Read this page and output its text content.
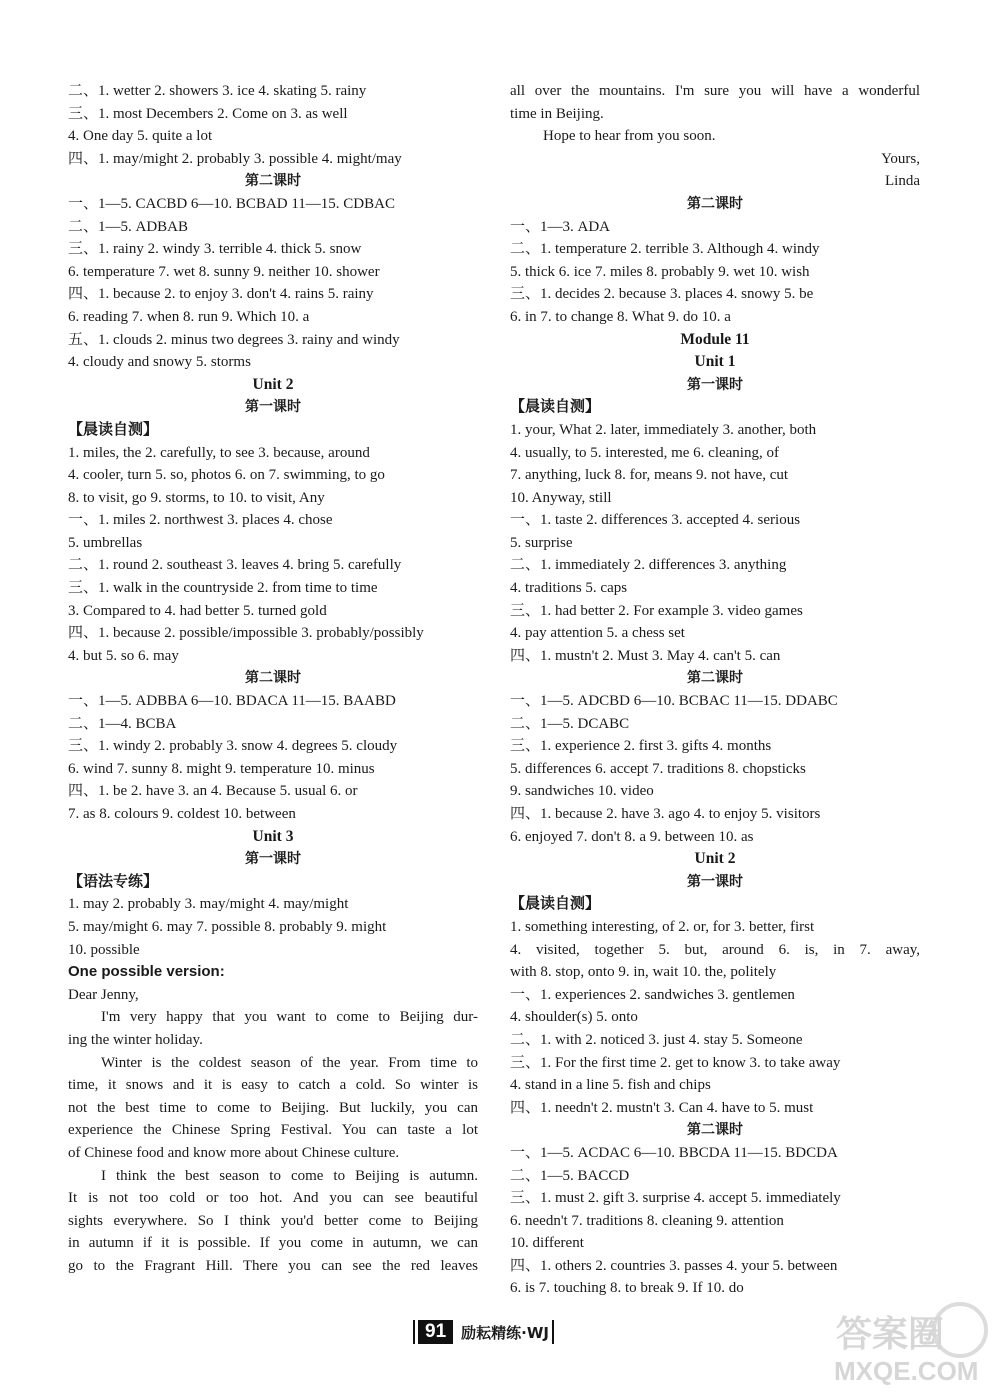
二、1. wetter 2. showers 3. ice 4. skating 5. rainy
三、1. most Decembers 2. Come on 3. as well
4. One day 5. quite a lot
四、1. may/might 2. probably 3. possible 4. might/may
第二课时
一、1—5. CACBD 6—10. BCBAD 11—15. CDBAC
二、1—5. ADBAB
三、1. rainy 2. windy 3. terrible 4. thick 5. snow
6. temperature 7. wet 8. sunny 9. neither 10. shower
四、1. because 2. to enjoy 3. don't 4. rains 5. rainy
6. reading 7. when 8. run 9. Which 10. a
五、1. clouds 2. minus two degrees 3. rainy and windy
4. cloudy and snowy 5. storms
Unit 2
第一课时
【晨读自测】
1. miles, the 2. carefully, to see 3. because, around
4. cooler, turn 5. so, photos 6. on 7. swimming, to go
8. to visit, go 9. storms, to 10. to visit, Any
一、1. miles 2. northwest 3. places 4. chose
5. umbrellas
二、1. round 2. southeast 3. leaves 4. bring 5. carefully
三、1. walk in the countryside 2. from time to time
3. Compared to 4. had better 5. turned gold
四、1. because 2. possible/impossible 3. probably/possibly
4. but 5. so 6. may
第二课时
一、1—5. ADBBA 6—10. BDACA 11—15. BAABD
二、1—4. BCBA
三、1. windy 2. probably 3. snow 4. degrees 5. cloudy
6. wind 7. sunny 8. might 9. temperature 10. minus
四、1. be 2. have 3. an 4. Because 5. usual 6. or
7. as 8. colours 9. coldest 10. between
Unit 3
第一课时
【语法专练】
1. may 2. probably 3. may/might 4. may/might
5. may/might 6. may 7. possible 8. probably 9. might
10. possible
One possible version:
Dear Jenny,
I'm very happy that you want to come to Beijing dur-
ing the winter holiday.
Winter is the coldest season of the year. From time to
time, it snows and it is easy to catch a cold. So winter is
not the best time to come to Beijing. But luckily, you can
experience the Chinese Spring Festival. You can taste a lot
of Chinese food and know more about Chinese culture.
I think the best season to come to Beijing is autumn.
It is not too cold or too hot. And you can see beautiful
sights everywhere. So I think you'd better come to Beijing
in autumn if it is possible. If you come in autumn, we can
go to the Fragrant Hill. There you can see the red leaves
all over the mountains. I'm sure you will have a wonderful
time in Beijing.
Hope to hear from you soon.
Yours,
Linda
第二课时
一、1—3. ADA
二、1. temperature 2. terrible 3. Although 4. windy
5. thick 6. ice 7. miles 8. probably 9. wet 10. wish
三、1. decides 2. because 3. places 4. snowy 5. be
6. in 7. to change 8. What 9. do 10. a
Module 11
Unit 1
第一课时
【晨读自测】
1. your, What 2. later, immediately 3. another, both
4. usually, to 5. interested, me 6. cleaning, of
7. anything, luck 8. for, means 9. not have, cut
10. Anyway, still
一、1. taste 2. differences 3. accepted 4. serious
5. surprise
二、1. immediately 2. differences 3. anything
4. traditions 5. caps
三、1. had better 2. For example 3. video games
4. pay attention 5. a chess set
四、1. mustn't 2. Must 3. May 4. can't 5. can
第二课时
一、1—5. ADCBD 6—10. BCBAC 11—15. DDABC
二、1—5. DCABC
三、1. experience 2. first 3. gifts 4. months
5. differences 6. accept 7. traditions 8. chopsticks
9. sandwiches 10. video
四、1. because 2. have 3. ago 4. to enjoy 5. visitors
6. enjoyed 7. don't 8. a 9. between 10. as
Unit 2
第一课时
【晨读自测】
1. something interesting, of 2. or, for 3. better, first
4. visited, together 5. but, around 6. is, in 7. away,
with 8. stop, onto 9. in, wait 10. the, politely
一、1. experiences 2. sandwiches 3. gentlemen
4. shoulder(s) 5. onto
二、1. with 2. noticed 3. just 4. stay 5. Someone
三、1. For the first time 2. get to know 3. to take away
4. stand in a line 5. fish and chips
四、1. needn't 2. mustn't 3. Can 4. have to 5. must
第二课时
一、1—5. ACDAC 6—10. BBCDA 11—15. BDCDA
二、1—5. BACCD
三、1. must 2. gift 3. surprise 4. accept 5. immediately
6. needn't 7. traditions 8. cleaning 9. attention
10. different
四、1. others 2. countries 3. passes 4. your 5. between
6. is 7. touching 8. to break 9. If 10. do
91	励耘精练·WJ	答案圈
MXQE.COM
